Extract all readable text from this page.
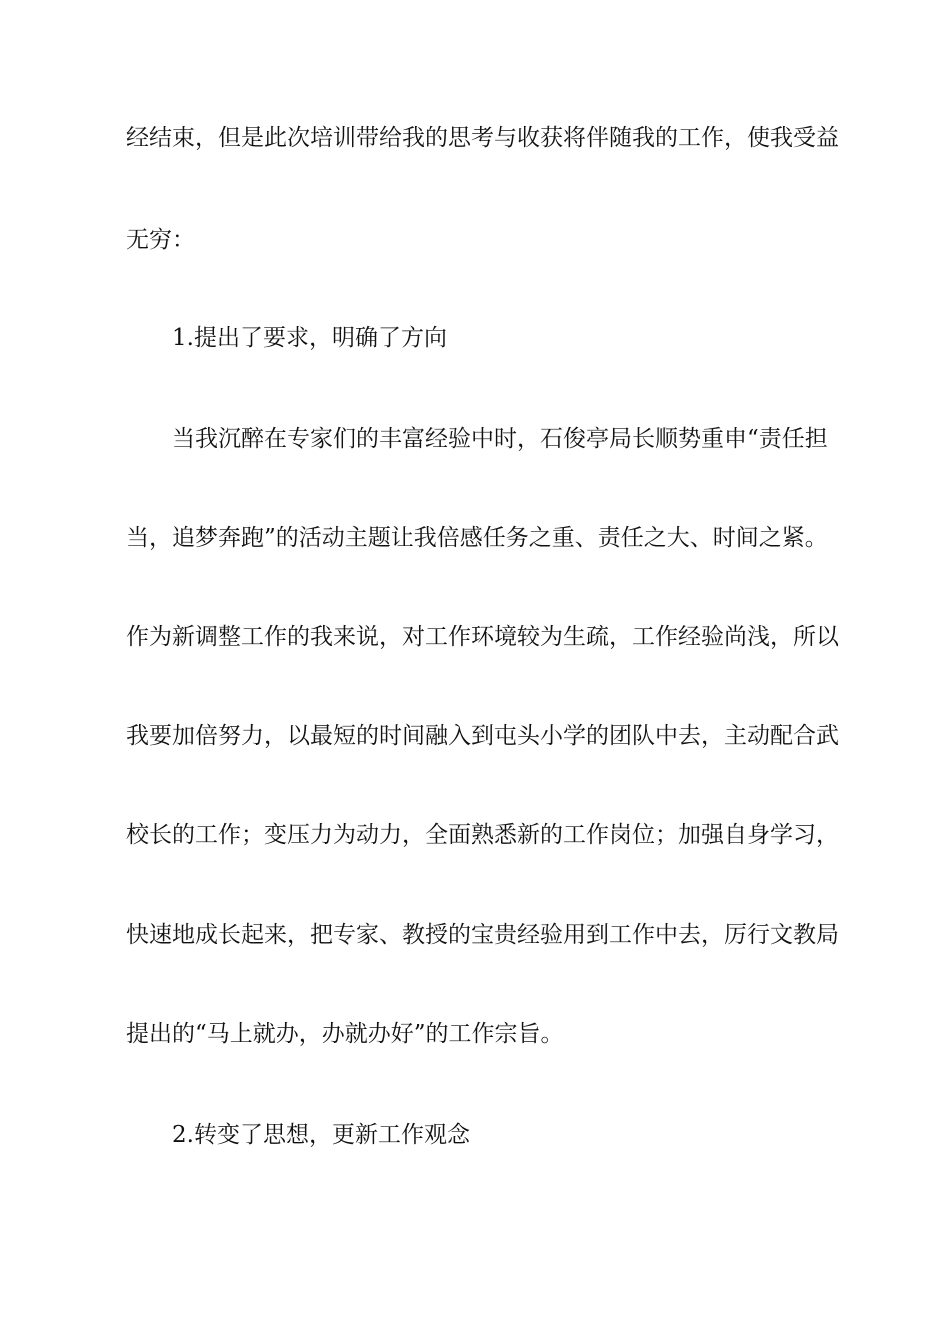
经结束，但是此次培训带给我的思考与收获将伴随我的工作，使我受益
无穷：
1.提出了要求，明确了方向
当我沉醉在专家们的丰富经验中时，石俊亭局长顺势重申“责任担
当，追梦奔跑”的活动主题让我倍感任务之重、责任之大、时间之紧。
作为新调整工作的我来说，对工作环境较为生疏，工作经验尚浅，所以
我要加倍努力，以最短的时间融入到屯头小学的团队中去，主动配合武
校长的工作；变压力为动力，全面熟悉新的工作岗位；加强自身学习，
快速地成长起来，把专家、教授的宝贵经验用到工作中去，厉行文教局
提出的“马上就办，办就办好”的工作宗旨。
2.转变了思想，更新工作观念
